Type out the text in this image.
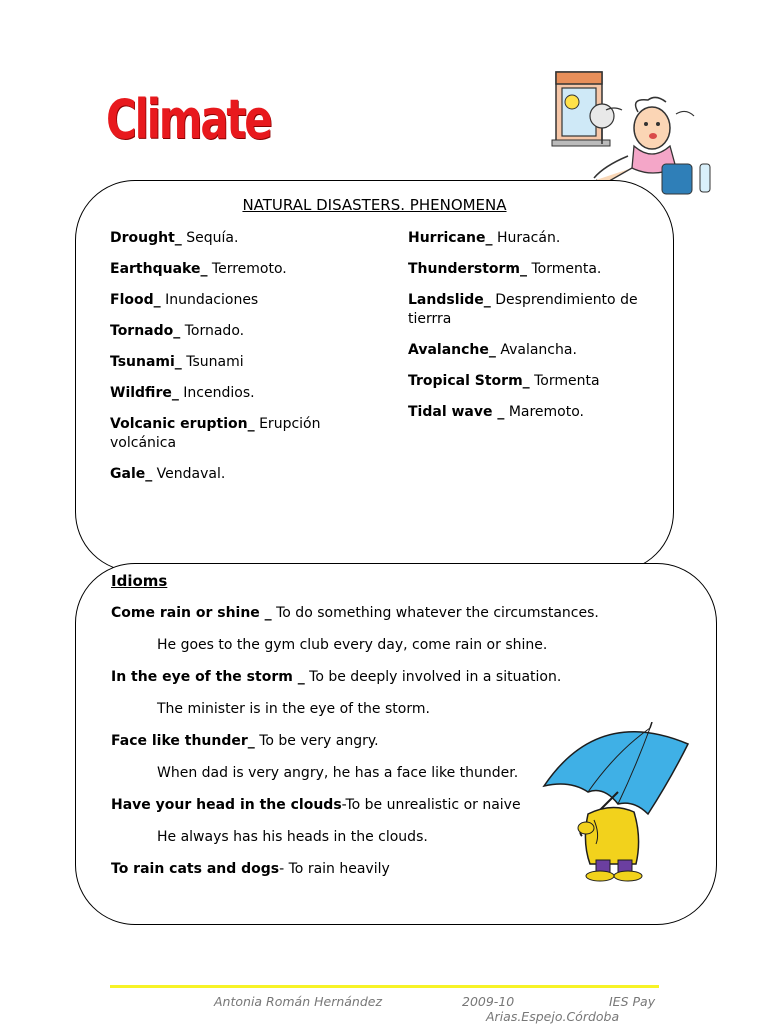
Climate
NATURAL DISASTERS. PHENOMENA
Drought_ Sequía.
Earthquake_ Terremoto.
Flood_ Inundaciones
Tornado_ Tornado.
Tsunami_ Tsunami
Wildfire_ Incendios.
Volcanic eruption_ Erupción volcánica
Gale_ Vendaval.
Hurricane_ Huracán.
Thunderstorm_ Tormenta.
Landslide_ Desprendimiento de tierrra
Avalanche_ Avalancha.
Tropical Storm_ Tormenta
Tidal wave _ Maremoto.
Idioms
Come rain or shine _ To do something whatever the circumstances.
He goes to the gym club every day, come rain or shine.
In the eye of the storm _ To be deeply involved in a situation.
The minister is in the eye of the storm.
Face like thunder_ To be very angry.
When dad is very angry, he has a face like thunder.
Have your head in the clouds-To be unrealistic or naive
He always has his heads in the clouds.
To rain cats and dogs- To rain heavily
Antonia Román Hernández	2009-10	IES Pay
Arias.Espejo.Córdoba
